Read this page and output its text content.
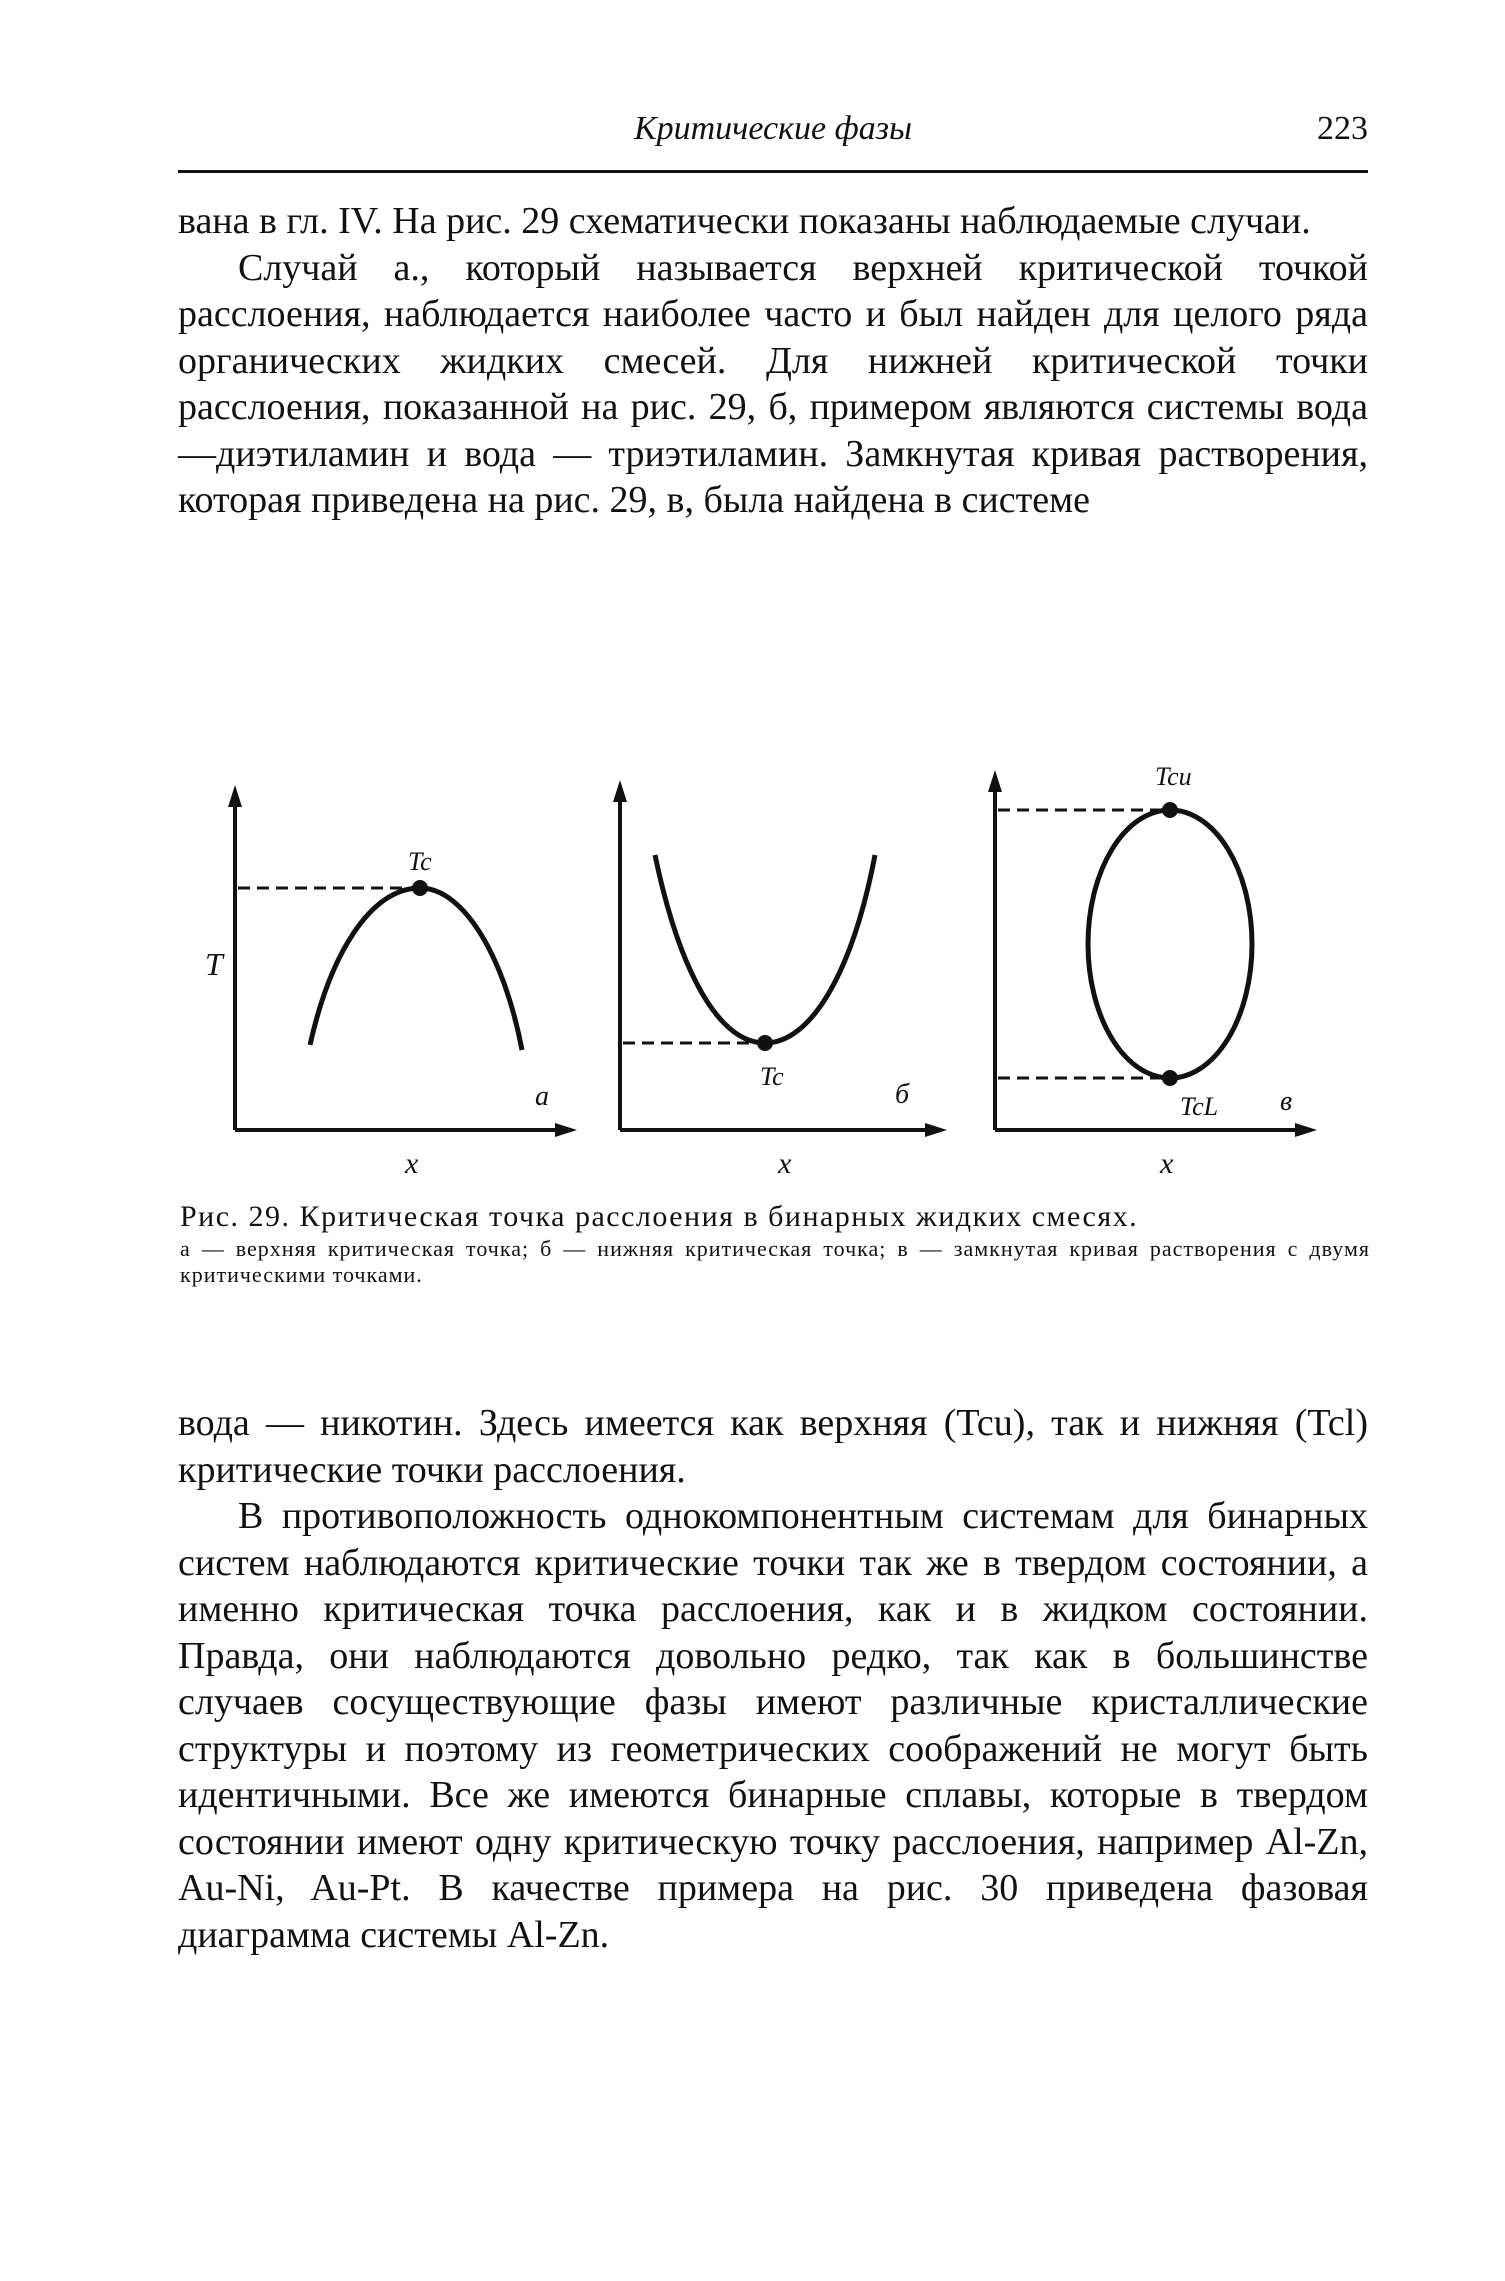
Критические фазы	223

вана в гл. IV. На рис. 29 схематически показаны наблюдаемые случаи.

Случай а., который называется верхней критической точкой расслоения, наблюдается наиболее часто и был найден для целого ряда органических жидких смесей. Для нижней критической точки расслоения, показанной на рис. 29, б, примером являются системы вода—диэтиламин и вода — триэтиламин. Замкнутая кривая растворения, которая приведена на рис. 29, в, была найдена в системе

T
Tc
x
а
Tc
x
б
Tcu
TcL
x
в
Рис. 29. Критическая точка расслоения в бинарных жидких смесях.
а — верхняя критическая точка; б — нижняя критическая точка; в — замкнутая кривая растворения с двумя критическими точками.

вода — никотин. Здесь имеется как верхняя (Tcu), так и нижняя (Tcl) критические точки расслоения.

В противоположность однокомпонентным системам для бинарных систем наблюдаются критические точки так же в твердом состоянии, а именно критическая точка расслоения, как и в жидком состоянии. Правда, они наблюдаются довольно редко, так как в большинстве случаев сосуществующие фазы имеют различные кристаллические структуры и поэтому из геометрических соображений не могут быть идентичными. Все же имеются бинарные сплавы, которые в твердом состоянии имеют одну критическую точку расслоения, например Al-Zn, Au-Ni, Au-Pt. В качестве примера на рис. 30 приведена фазовая диаграмма системы Al-Zn.
